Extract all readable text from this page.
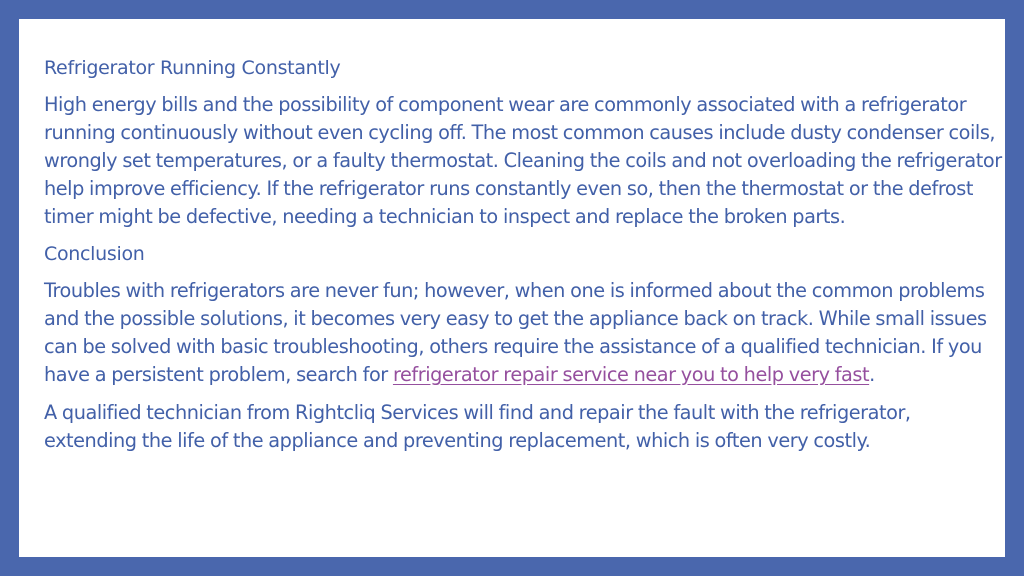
Refrigerator Running Constantly

High energy bills and the possibility of component wear are commonly associated with a refrigerator running continuously without even cycling off. The most common causes include dusty condenser coils, wrongly set temperatures, or a faulty thermostat. Cleaning the coils and not overloading the refrigerator help improve efficiency. If the refrigerator runs constantly even so, then the thermostat or the defrost timer might be defective, needing a technician to inspect and replace the broken parts.

Conclusion

Troubles with refrigerators are never fun; however, when one is informed about the common problems and the possible solutions, it becomes very easy to get the appliance back on track. While small issues can be solved with basic troubleshooting, others require the assistance of a qualified technician. If you have a persistent problem, search for refrigerator repair service near you to help very fast.

A qualified technician from Rightcliq Services will find and repair the fault with the refrigerator, extending the life of the appliance and preventing replacement, which is often very costly.
